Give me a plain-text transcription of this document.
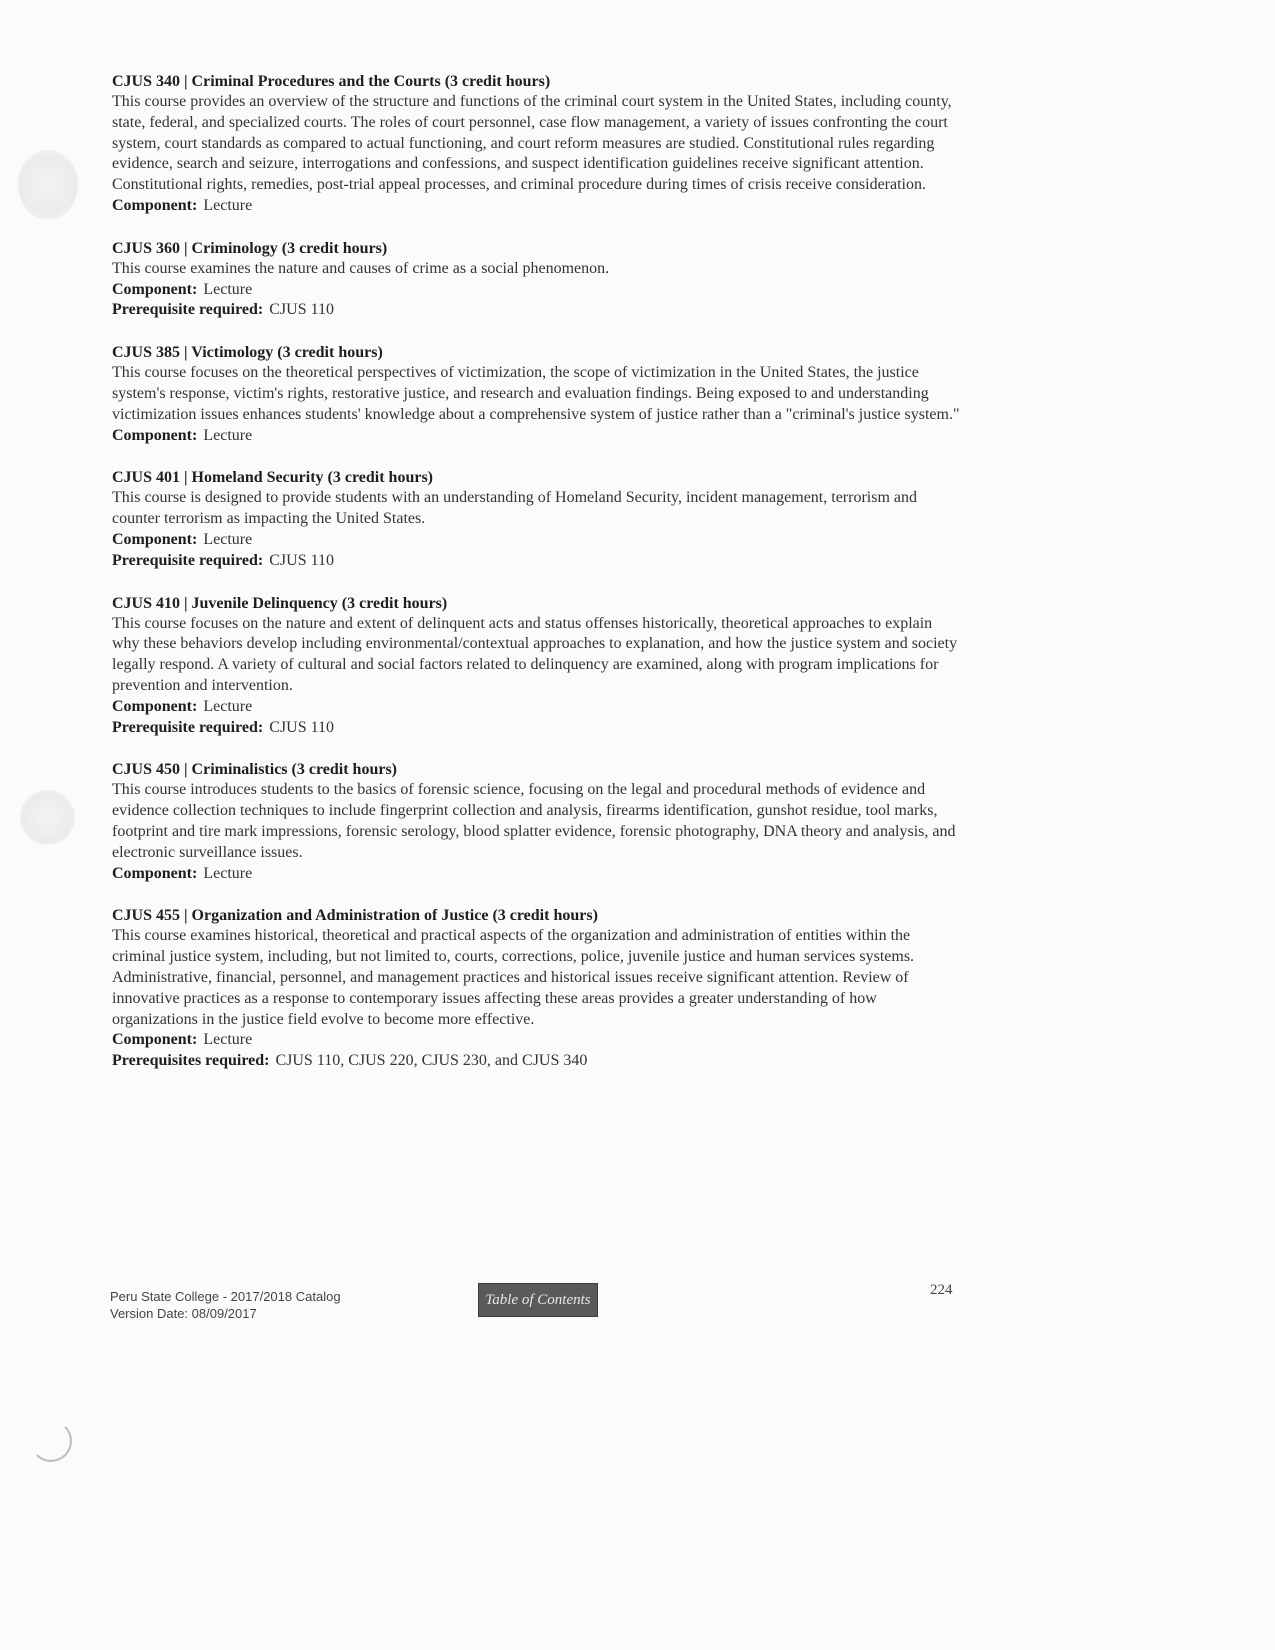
CJUS 340 | Criminal Procedures and the Courts (3 credit hours)

This course provides an overview of the structure and functions of the criminal court system in the United States, including county, state, federal, and specialized courts. The roles of court personnel, case flow management, a variety of issues confronting the court system, court standards as compared to actual functioning, and court reform measures are studied. Constitutional rules regarding evidence, search and seizure, interrogations and confessions, and suspect identification guidelines receive significant attention. Constitutional rights, remedies, post-trial appeal processes, and criminal procedure during times of crisis receive consideration.

Component: Lecture
CJUS 360 | Criminology (3 credit hours)

This course examines the nature and causes of crime as a social phenomenon.

Component: Lecture
Prerequisite required: CJUS 110
CJUS 385 | Victimology (3 credit hours)

This course focuses on the theoretical perspectives of victimization, the scope of victimization in the United States, the justice system's response, victim's rights, restorative justice, and research and evaluation findings. Being exposed to and understanding victimization issues enhances students' knowledge about a comprehensive system of justice rather than a "criminal's justice system."

Component: Lecture
CJUS 401 | Homeland Security (3 credit hours)

This course is designed to provide students with an understanding of Homeland Security, incident management, terrorism and counter terrorism as impacting the United States.

Component: Lecture
Prerequisite required: CJUS 110
CJUS 410 | Juvenile Delinquency (3 credit hours)

This course focuses on the nature and extent of delinquent acts and status offenses historically, theoretical approaches to explain why these behaviors develop including environmental/contextual approaches to explanation, and how the justice system and society legally respond. A variety of cultural and social factors related to delinquency are examined, along with program implications for prevention and intervention.

Component: Lecture
Prerequisite required: CJUS 110
CJUS 450 | Criminalistics (3 credit hours)

This course introduces students to the basics of forensic science, focusing on the legal and procedural methods of evidence and evidence collection techniques to include fingerprint collection and analysis, firearms identification, gunshot residue, tool marks, footprint and tire mark impressions, forensic serology, blood splatter evidence, forensic photography, DNA theory and analysis, and electronic surveillance issues.

Component: Lecture
CJUS 455 | Organization and Administration of Justice (3 credit hours)

This course examines historical, theoretical and practical aspects of the organization and administration of entities within the criminal justice system, including, but not limited to, courts, corrections, police, juvenile justice and human services systems. Administrative, financial, personnel, and management practices and historical issues receive significant attention. Review of innovative practices as a response to contemporary issues affecting these areas provides a greater understanding of how organizations in the justice field evolve to become more effective.

Component: Lecture
Prerequisites required: CJUS 110, CJUS 220, CJUS 230, and CJUS 340
Peru State College - 2017/2018 Catalog
Version Date: 08/09/2017
Table of Contents
224
